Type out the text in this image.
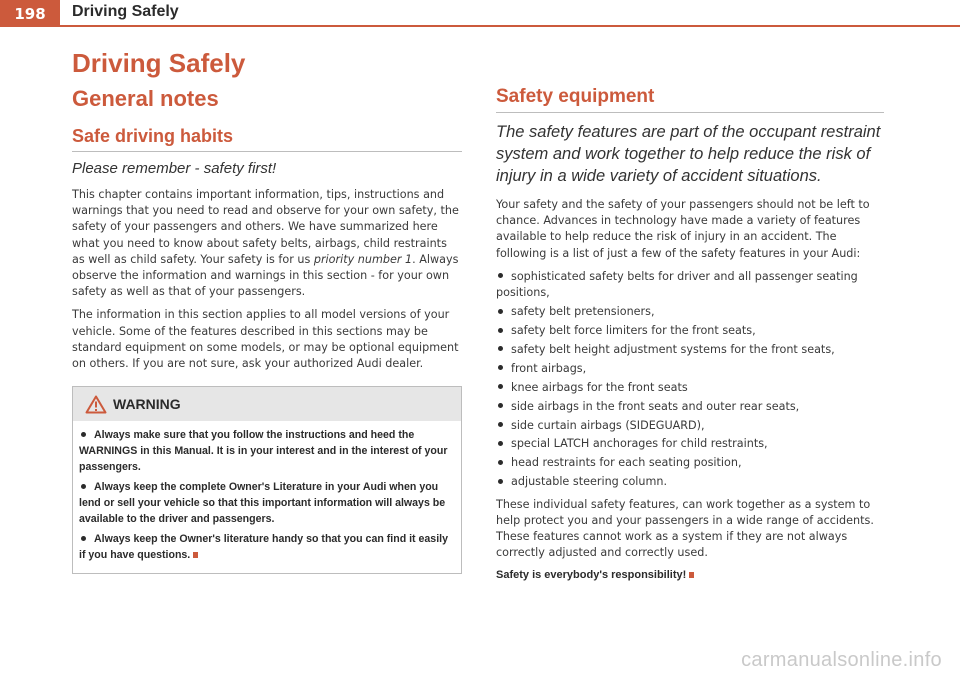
198	Driving Safely
Driving Safely
General notes
Safe driving habits
Please remember - safety first!

This chapter contains important information, tips, instructions and warnings that you need to read and observe for your own safety, the safety of your passengers and others. We have summarized here what you need to know about safety belts, airbags, child restraints as well as child safety. Your safety is for us priority number 1. Always observe the information and warnings in this section - for your own safety as well as that of your passengers.

The information in this section applies to all model versions of your vehicle. Some of the features described in this sections may be standard equipment on some models, or may be optional equipment on others. If you are not sure, ask your authorized Audi dealer.

WARNING

Always make sure that you follow the instructions and heed the WARNINGS in this Manual. It is in your interest and in the interest of your passengers.

Always keep the complete Owner's Literature in your Audi when you lend or sell your vehicle so that this important information will always be available to the driver and passengers.

Always keep the Owner's literature handy so that you can find it easily if you have questions.

Safety equipment

The safety features are part of the occupant restraint system and work together to help reduce the risk of injury in a wide variety of accident situations.

Your safety and the safety of your passengers should not be left to chance. Advances in technology have made a variety of features available to help reduce the risk of injury in an accident. The following is a list of just a few of the safety features in your Audi:

sophisticated safety belts for driver and all passenger seating positions,
safety belt pretensioners,
safety belt force limiters for the front seats,
safety belt height adjustment systems for the front seats,
front airbags,
knee airbags for the front seats
side airbags in the front seats and outer rear seats,
side curtain airbags (SIDEGUARD),
special LATCH anchorages for child restraints,
head restraints for each seating position,
adjustable steering column.

These individual safety features, can work together as a system to help protect you and your passengers in a wide range of accidents. These features cannot work as a system if they are not always correctly adjusted and correctly used.

Safety is everybody's responsibility!

carmanualsonline.info
